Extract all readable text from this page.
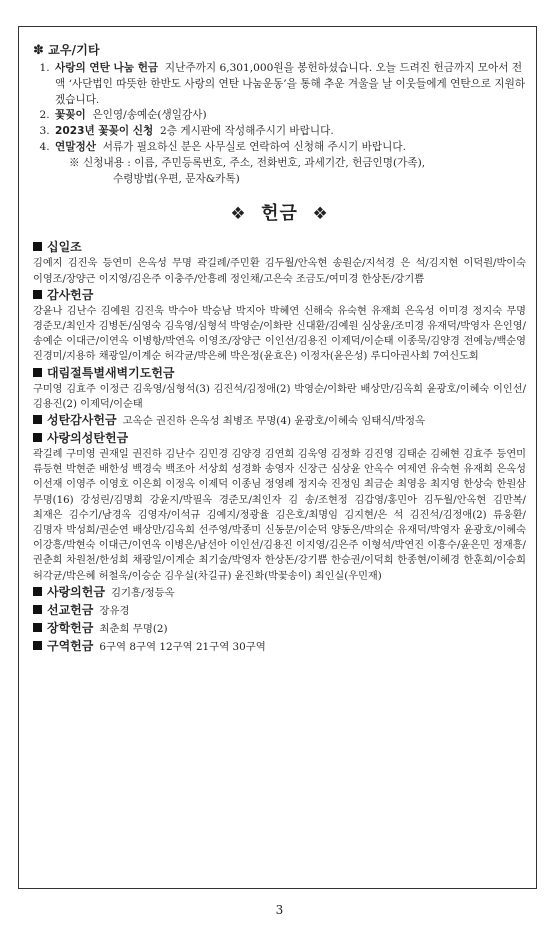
✽ 교우/기타
1. 사랑의 연탄 나눔 헌금 지난주까지 6,301,000원을 봉헌하셨습니다. 오늘 드려진 헌금까지 모아서 전액 ‘사단법인 따뜻한 한반도 사랑의 연탄 나눔운동’을 통해 추운 겨울을 날 이웃들에게 연탄으로 지원하겠습니다.
2. 꽃꽂이 은인영/송예순(생일감사)
3. 2023년 꽃꽂이 신청 2층 게시판에 작성해주시기 바랍니다.
4. 연말정산 서류가 필요하신 분은 사무실로 연락하여 신청해 주시기 바랍니다.
※ 신청내용 : 이름, 주민등록번호, 주소, 전화번호, 과세기간, 헌금인명(가족),
수령방법(우편, 문자&카톡)
❖ 헌금 ❖
십일조
김예지 김진욱 등연미 은옥성 무명 곽길례/주민환 김두월/안옥현 송원순/지석경 은 석/김지현 이덕원/박이숙 이영조/장양근 이지영/김은주 이충주/안흥례 정인채/고은숙 조금도/여미경 한상돈/강기쁨
감사헌금
강윤나 김난수 김예원 김진욱 박수아 박승남 박지아 박혜연 신해숙 유숙현 유재희 은옥성 이미경 정지숙 무명 경준모/최인자 김병돈/심영숙 김욱영/심형석 박영순/이화란 신대환/김예원 심상윤/조미경 유재덕/박영자 은인영/송예순 이대근/이연옥 이병항/박연옥 이영조/장양근 이인선/김용진 이제덕/이순태 이종묵/김양경 전예능/백순영 진경미/지용하 채광일/이계순 허각균/박은혜 박은정(윤효은) 이정자(윤은성) 루디아권사회 7여신도회
대림절특별새벽기도헌금
구미영 김효주 이정근 김욱영/심형석(3) 김진석/김정애(2) 박영순/이화란 배상만/김옥희 윤광호/이혜숙 이인선/김용진(2) 이제덕/이순태
성탄감사헌금 고옥순 권진하 은옥성 최병조 무명(4) 윤광호/이혜숙 임태식/박정옥
사랑의성탄헌금
곽길례 구미영 권재일 권진하 김난수 김민경 김양경 김연희 김욱영 김정화 김진영 김태순 김혜현 김효주 등연미 류등현 박현준 배한성 백경숙 백조아 서상희 성경화 송영자 신장근 심상윤 안옥수 여제연 유숙현 유재희 은옥성 이선재 이영주 이영호 이은희 이정옥 이제덕 이종님 정영례 정지숙 진정임 최금순 최영응 최지영 한상숙 한원삼 무명(16) 강성린/김명희 강윤지/박필옥 경준모/최인자 김 송/조현정 김갑영/홍민아 김두월/안옥현 김만복/최재은 김수기/남경옥 김영자/이석규 김예지/정광율 김은호/최명임 김지현/은 석 김진석/김정애(2) 류웅환/김명자 박성희/권순연 배상만/김옥희 선주영/박종미 신동문/이순덕 양동은/박의순 유재덕/박영자 윤광호/이혜숙 이강흥/박현숙 이대근/이연옥 이병은/남선아 이인선/김용진 이지영/김은주 이형석/박연진 이흥수/윤은민 정재흥/권춘희 차원천/한성희 채광일/이계순 최기술/박영자 한상돈/강기쁨 한승권/이덕희 한종현/이혜경 한훈희/이승희 허각균/박은혜 허철욱/이승순 김우실(차길규) 윤진화(박꽃송이) 최인실(우민재)
사랑의헌금 김기흥/정등옥
선교헌금 장유경
장학헌금 최춘희 무명(2)
구역헌금 6구역 8구역 12구역 21구역 30구역
3
